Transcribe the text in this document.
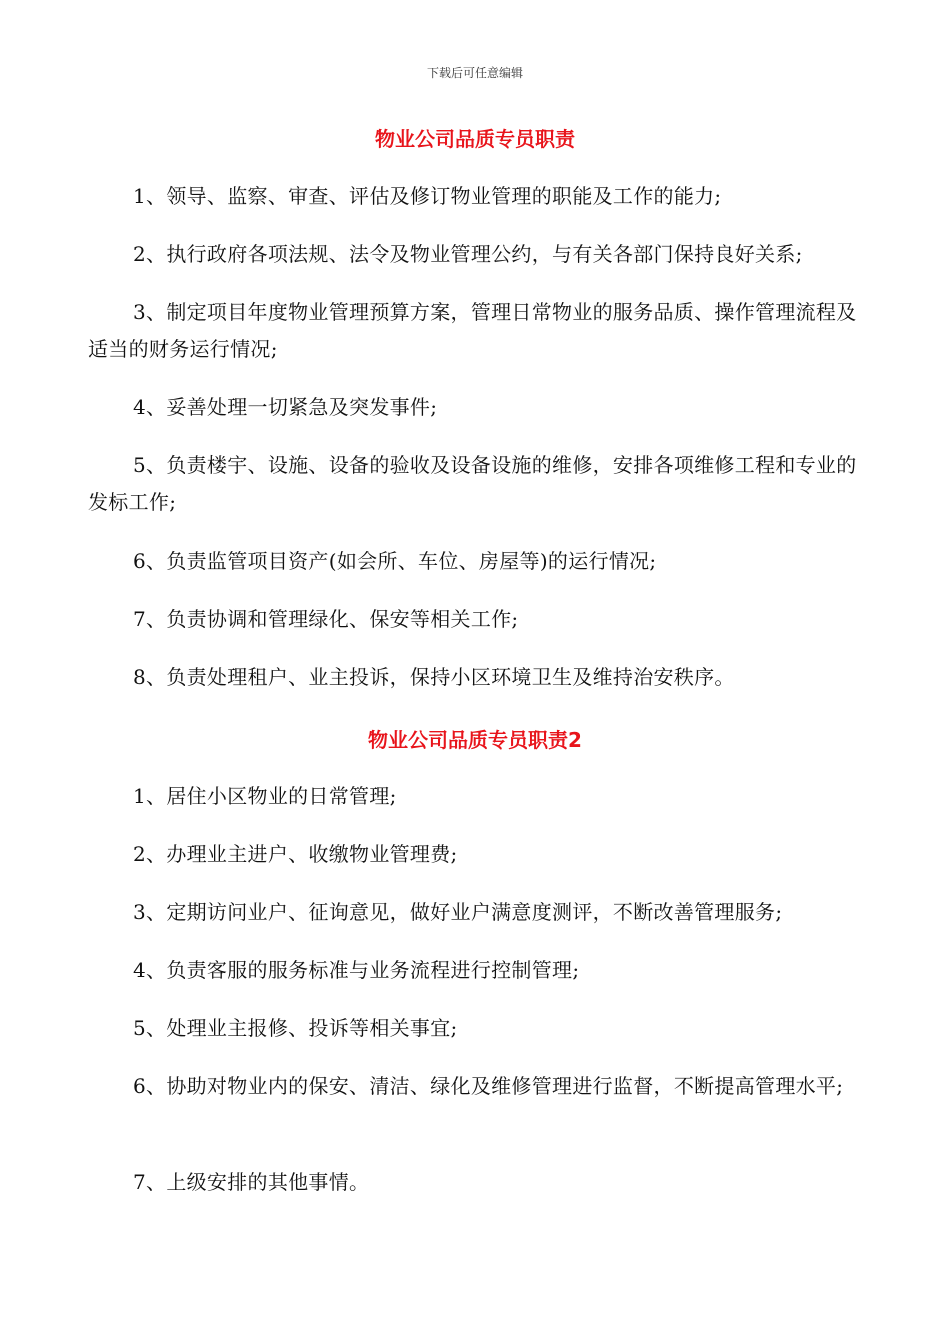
下载后可任意编辑
物业公司品质专员职责
1、领导、监察、审查、评估及修订物业管理的职能及工作的能力;
2、执行政府各项法规、法令及物业管理公约，与有关各部门保持良好关系;
3、制定项目年度物业管理预算方案，管理日常物业的服务品质、操作管理流程及适当的财务运行情况;
4、妥善处理一切紧急及突发事件;
5、负责楼宇、设施、设备的验收及设备设施的维修，安排各项维修工程和专业的发标工作;
6、负责监管项目资产(如会所、车位、房屋等)的运行情况;
7、负责协调和管理绿化、保安等相关工作;
8、负责处理租户、业主投诉，保持小区环境卫生及维持治安秩序。
物业公司品质专员职责2
1、居住小区物业的日常管理;
2、办理业主进户、收缴物业管理费;
3、定期访问业户、征询意见，做好业户满意度测评，不断改善管理服务;
4、负责客服的服务标准与业务流程进行控制管理;
5、处理业主报修、投诉等相关事宜;
6、协助对物业内的保安、清洁、绿化及维修管理进行监督，不断提高管理水平;
7、上级安排的其他事情。
